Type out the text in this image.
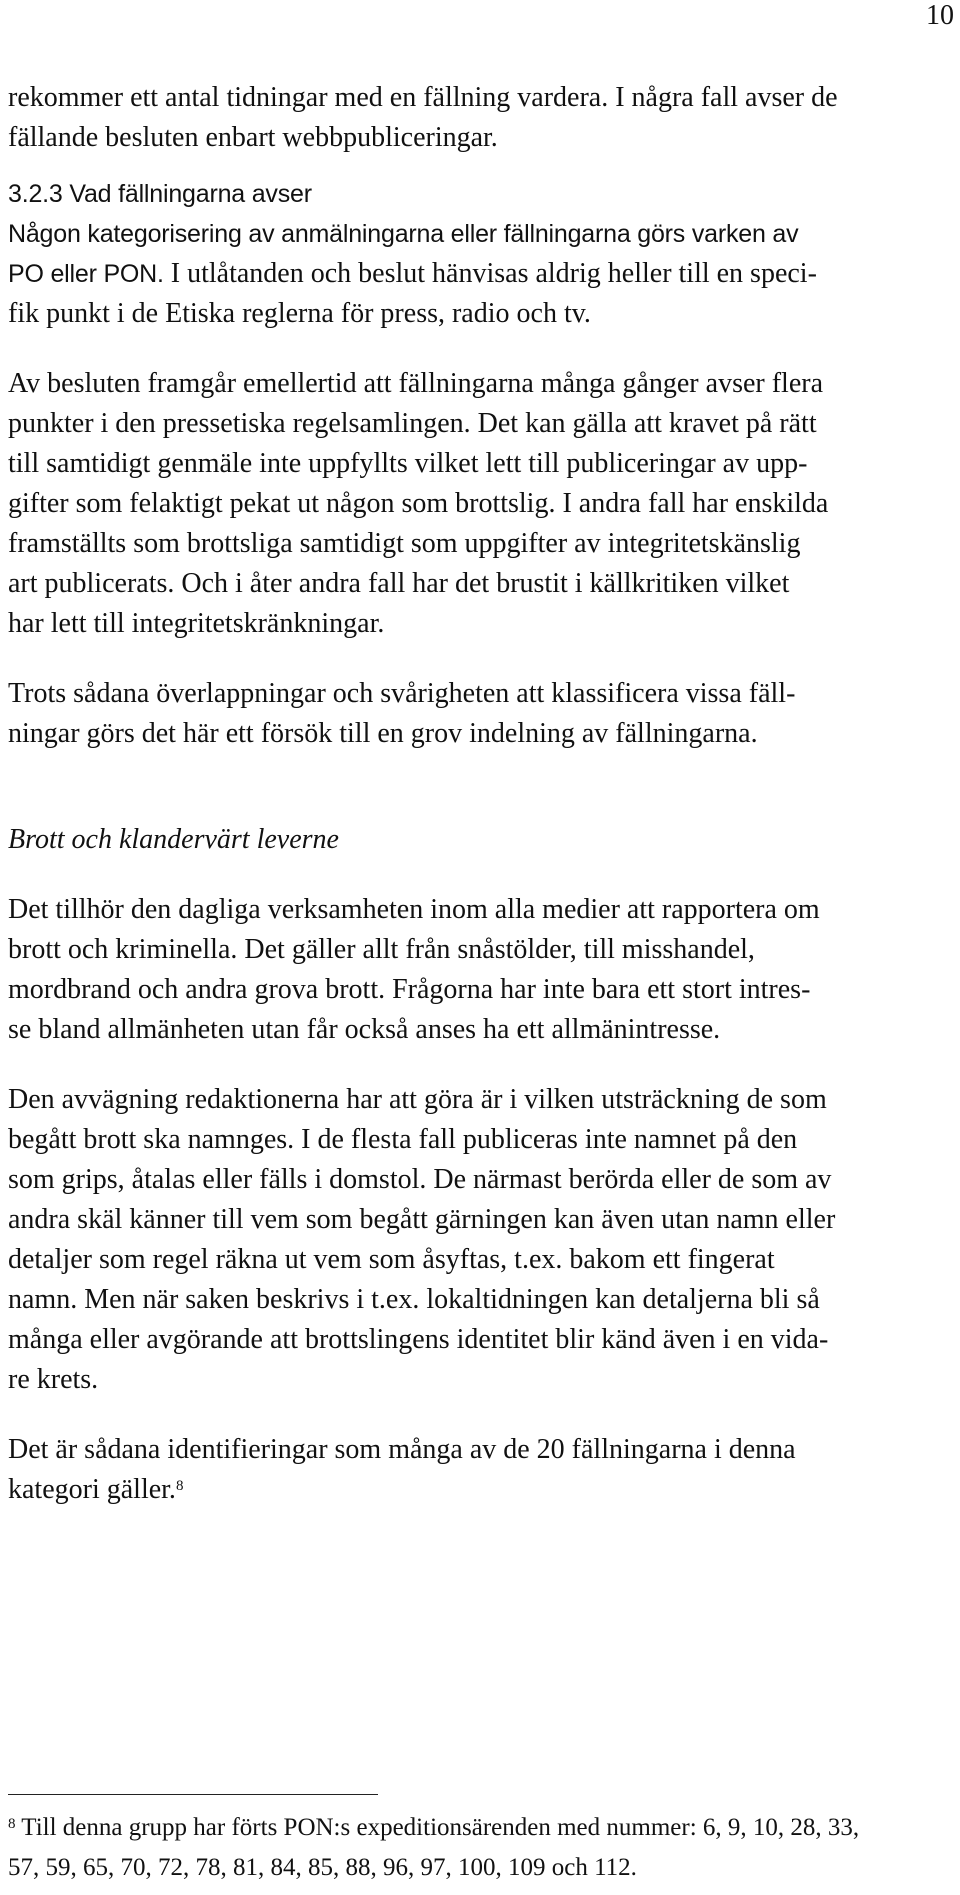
10
rekommer ett antal tidningar med en fällning vardera. I några fall avser de
fällande besluten enbart webbpubliceringar.
3.2.3 Vad fällningarna avser
Någon kategorisering av anmälningarna eller fällningarna görs varken av
PO eller PON. I utlåtanden och beslut hänvisas aldrig heller till en speci-
fik punkt i de Etiska reglerna för press, radio och tv.
Av besluten framgår emellertid att fällningarna många gånger avser flera
punkter i den pressetiska regelsamlingen. Det kan gälla att kravet på rätt
till samtidigt genmäle inte uppfyllts vilket lett till publiceringar av upp-
gifter som felaktigt pekat ut någon som brottslig. I andra fall har enskilda
framställts som brottsliga samtidigt som uppgifter av integritetskänslig
art publicerats. Och i åter andra fall har det brustit i källkritiken vilket
har lett till integritetskränkningar.
Trots sådana överlappningar och svårigheten att klassificera vissa fäll-
ningar görs det här ett försök till en grov indelning av fällningarna.
Brott och klandervärt leverne
Det tillhör den dagliga verksamheten inom alla medier att rapportera om
brott och kriminella. Det gäller allt från snåstölder, till misshandel,
mordbrand och andra grova brott. Frågorna har inte bara ett stort intres-
se bland allmänheten utan får också anses ha ett allmänintresse.
Den avvägning redaktionerna har att göra är i vilken utsträckning de som
begått brott ska namnges. I de flesta fall publiceras inte namnet på den
som grips, åtalas eller fälls i domstol. De närmast berörda eller de som av
andra skäl känner till vem som begått gärningen kan även utan namn eller
detaljer som regel räkna ut vem som åsyftas, t.ex. bakom ett fingerat
namn. Men när saken beskrivs i t.ex. lokaltidningen kan detaljerna bli så
många eller avgörande att brottslingens identitet blir känd även i en vida-
re krets.
Det är sådana identifieringar som många av de 20 fällningarna i denna
kategori gäller.$^8$
$^8$ Till denna grupp har förts PON:s expeditionsärenden med nummer: 6, 9, 10, 28, 33,
57, 59, 65, 70, 72, 78, 81, 84, 85, 88, 96, 97, 100, 109 och 112.
